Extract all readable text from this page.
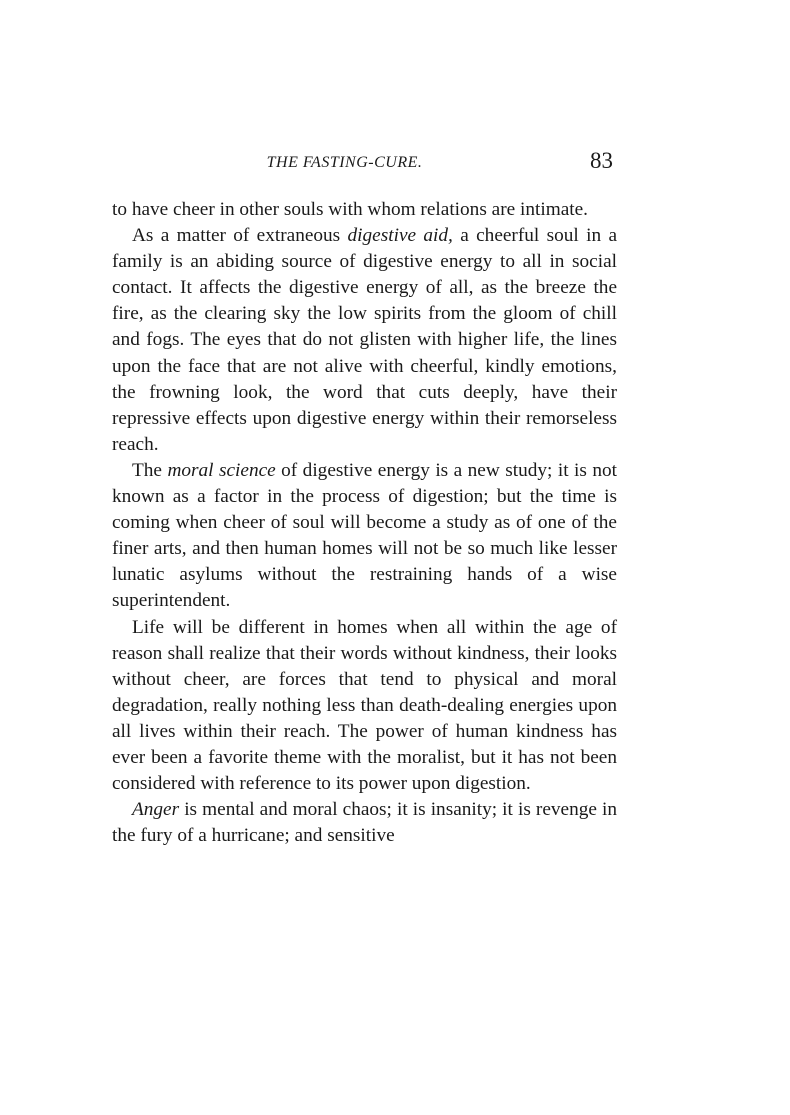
THE FASTING-CURE.	83

to have cheer in other souls with whom relations are intimate.

As a matter of extraneous digestive aid, a cheerful soul in a family is an abiding source of digestive energy to all in social contact. It affects the digestive energy of all, as the breeze the fire, as the clearing sky the low spirits from the gloom of chill and fogs. The eyes that do not glisten with higher life, the lines upon the face that are not alive with cheerful, kindly emotions, the frowning look, the word that cuts deeply, have their repressive effects upon digestive energy within their remorseless reach.

The moral science of digestive energy is a new study; it is not known as a factor in the process of digestion; but the time is coming when cheer of soul will become a study as of one of the finer arts, and then human homes will not be so much like lesser lunatic asylums without the restraining hands of a wise superintendent.

Life will be different in homes when all within the age of reason shall realize that their words without kindness, their looks without cheer, are forces that tend to physical and moral degradation, really nothing less than death-dealing energies upon all lives within their reach. The power of human kindness has ever been a favorite theme with the moralist, but it has not been considered with reference to its power upon digestion.

Anger is mental and moral chaos; it is insanity; it is revenge in the fury of a hurricane; and sensitive
